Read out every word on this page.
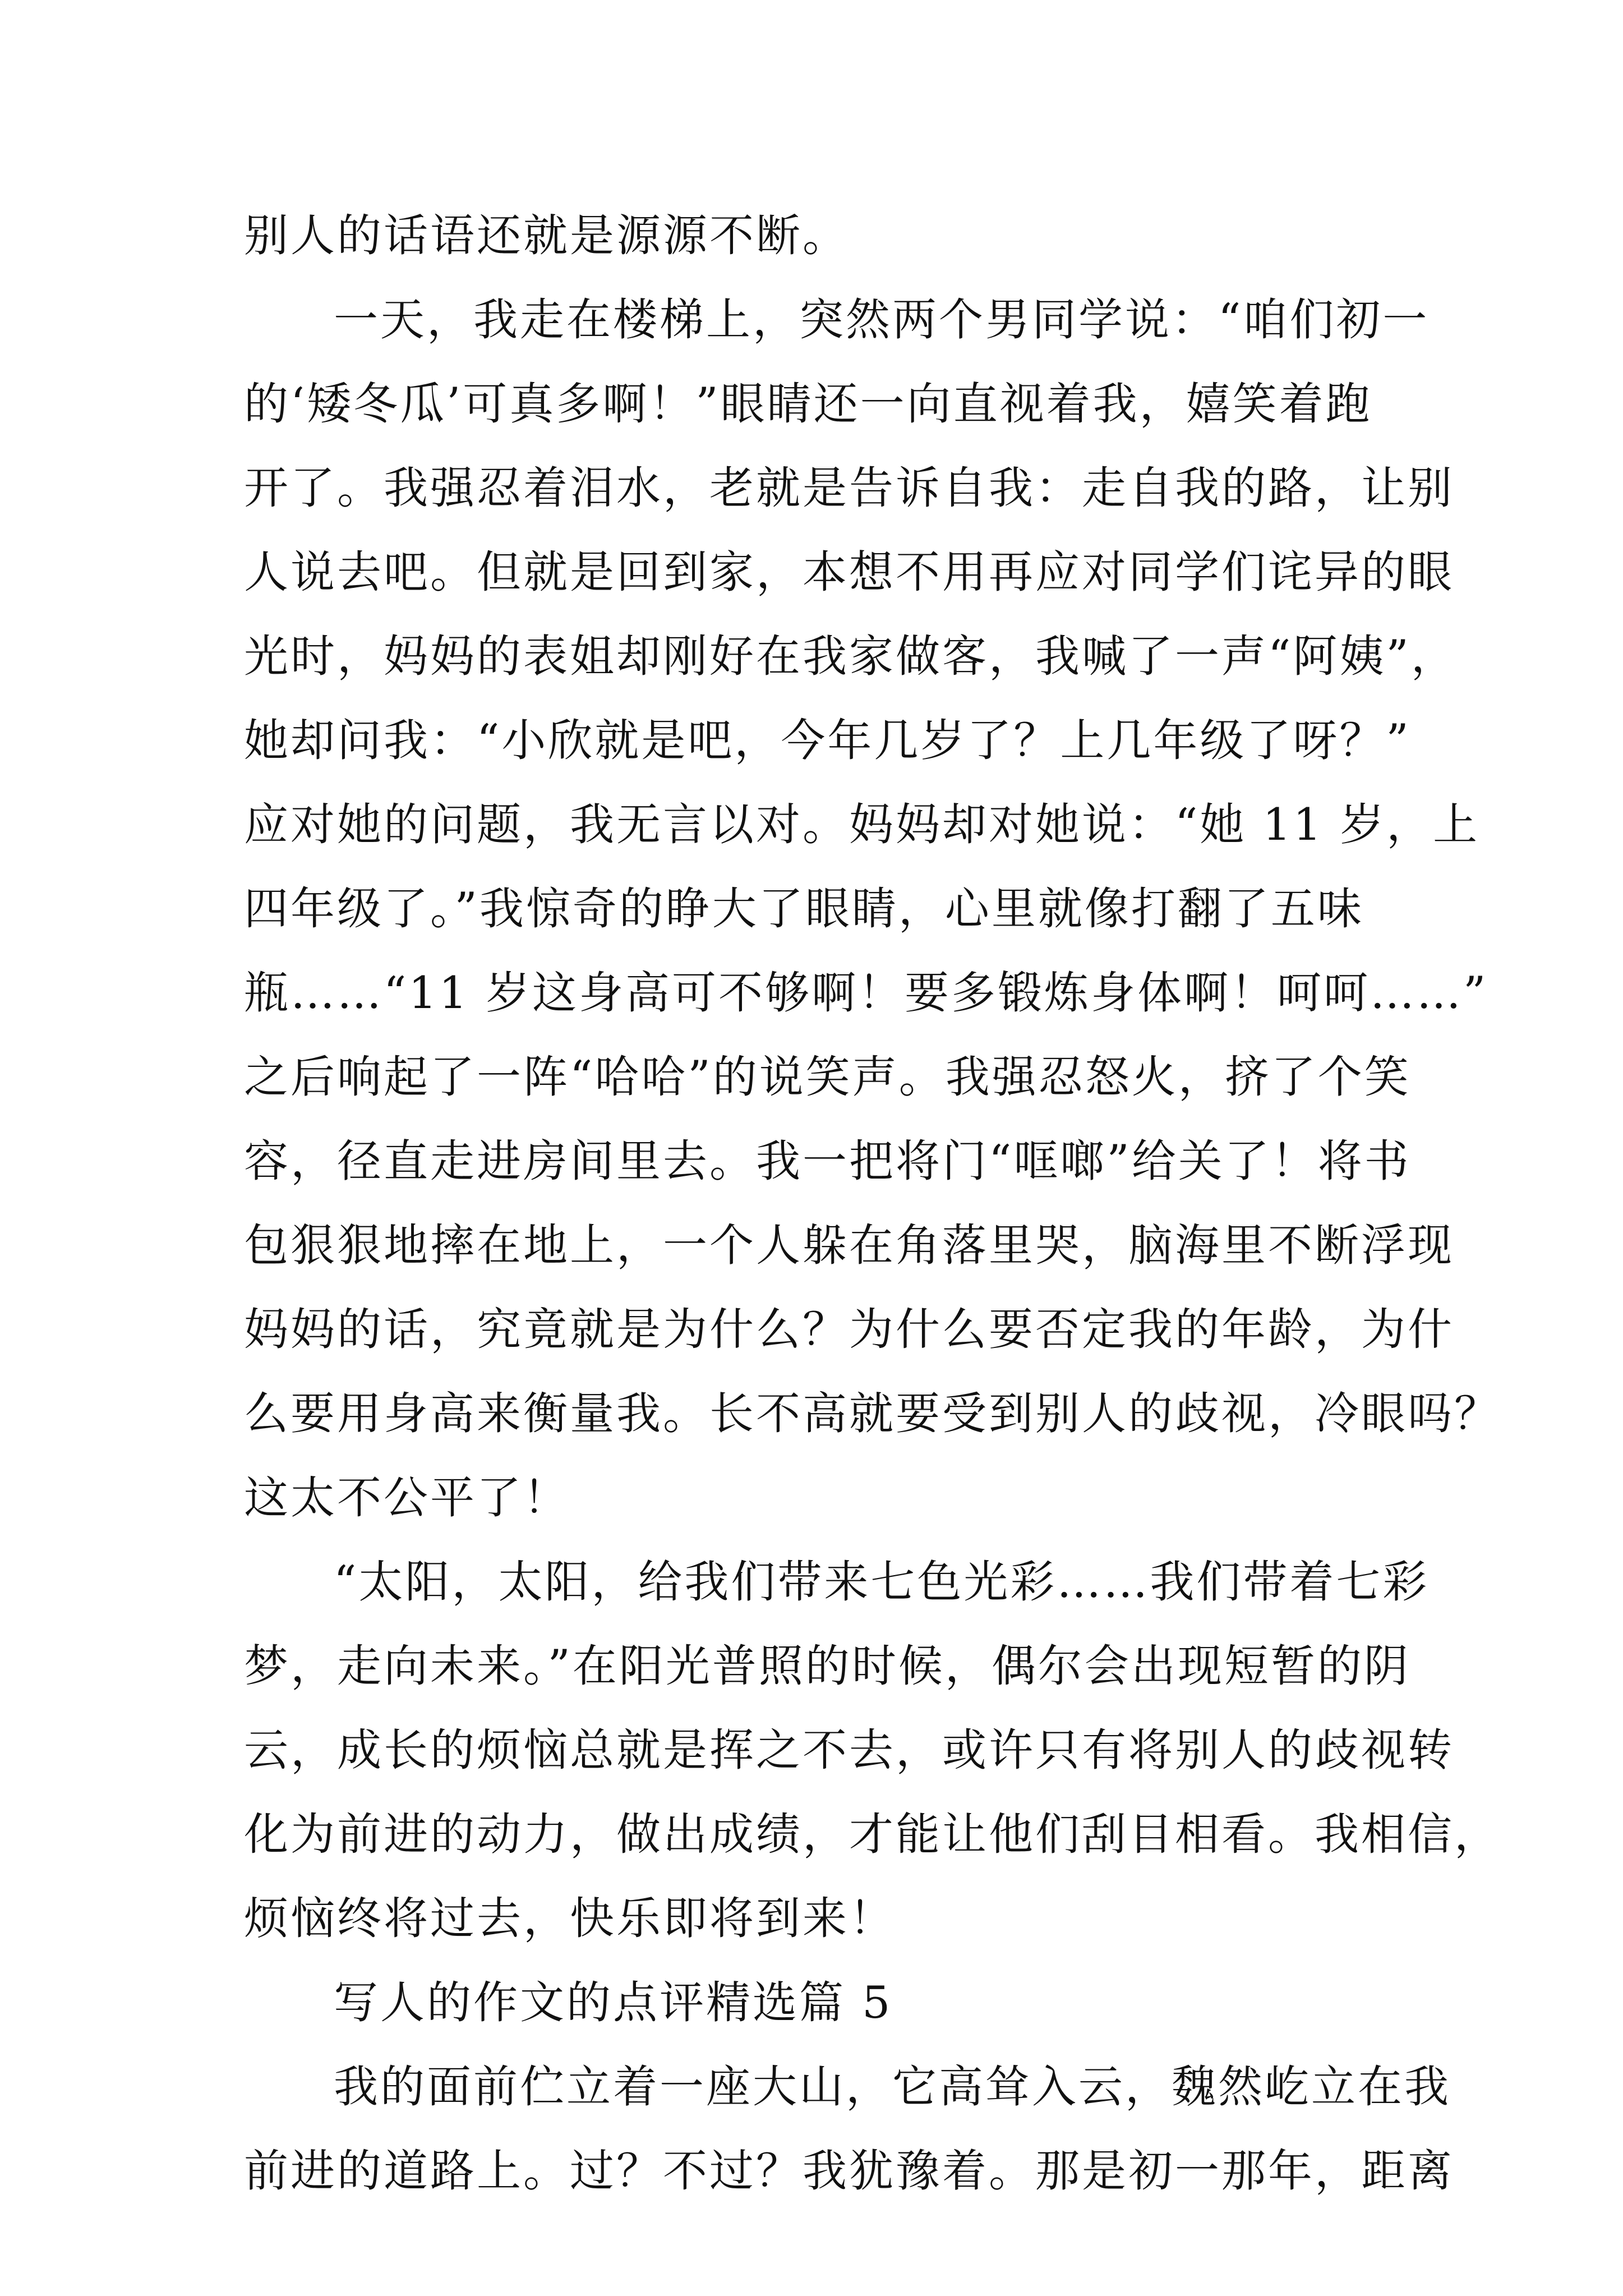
别人的话语还就是源源不断。
一天，我走在楼梯上，突然两个男同学说：“咱们初一
的‘矮冬瓜’可真多啊！”眼睛还一向直视着我，嬉笑着跑
开了。我强忍着泪水，老就是告诉自我：走自我的路，让别
人说去吧。但就是回到家，本想不用再应对同学们诧异的眼
光时，妈妈的表姐却刚好在我家做客，我喊了一声“阿姨”，
她却问我：“小欣就是吧，今年几岁了？上几年级了呀？”
应对她的问题，我无言以对。妈妈却对她说：“她 11 岁，上
四年级了。”我惊奇的睁大了眼睛，心里就像打翻了五味
瓶……“11 岁这身高可不够啊！要多锻炼身体啊！呵呵……”
之后响起了一阵“哈哈”的说笑声。我强忍怒火，挤了个笑
容，径直走进房间里去。我一把将门“哐啷”给关了！将书
包狠狠地摔在地上，一个人躲在角落里哭，脑海里不断浮现
妈妈的话，究竟就是为什么？为什么要否定我的年龄，为什
么要用身高来衡量我。长不高就要受到别人的歧视，冷眼吗？
这太不公平了！
“太阳，太阳，给我们带来七色光彩……我们带着七彩
梦，走向未来。”在阳光普照的时候，偶尔会出现短暂的阴
云，成长的烦恼总就是挥之不去，或许只有将别人的歧视转
化为前进的动力，做出成绩，才能让他们刮目相看。我相信，
烦恼终将过去，快乐即将到来！
写人的作文的点评精选篇 5
我的面前伫立着一座大山，它高耸入云，魏然屹立在我
前进的道路上。过？不过？我犹豫着。那是初一那年，距离
